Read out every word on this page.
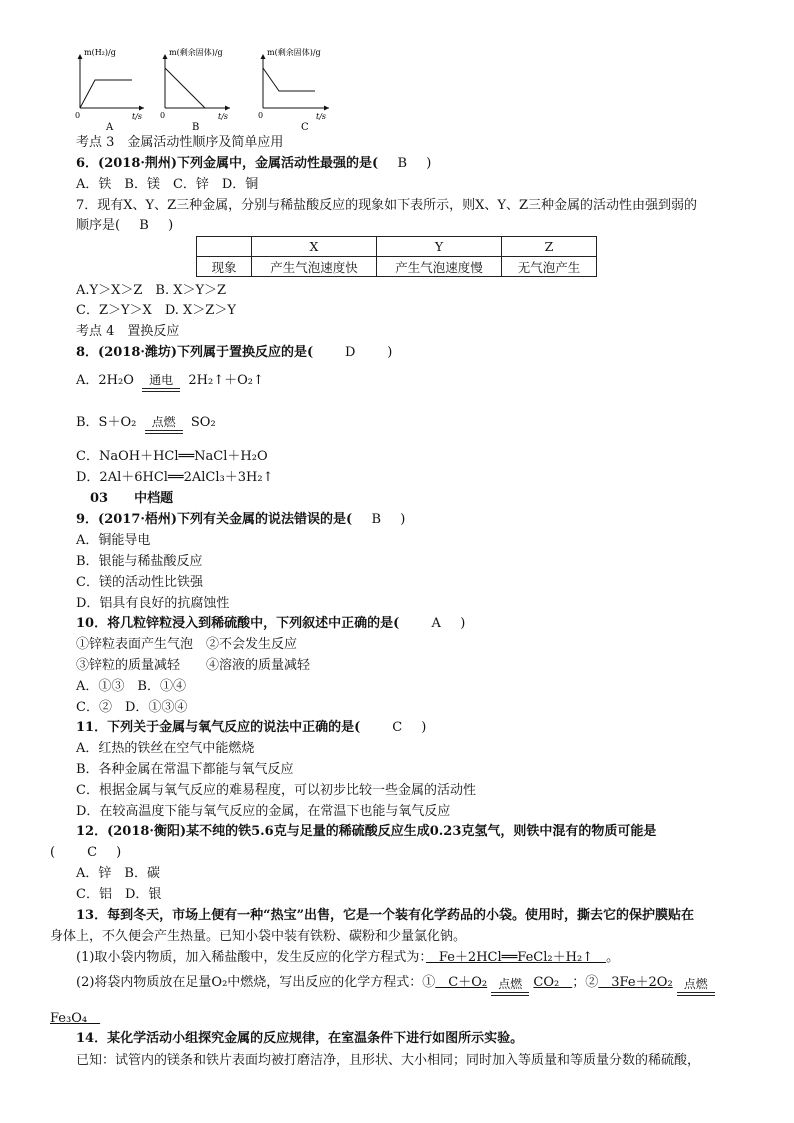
m(H₂)/g
t/s
0
A
m(剩余固体)/g
t/s
0
B
m(剩余固体)/g
t/s
0
C
考点 3　金属活动性顺序及简单应用
6．(2018·荆州)下列金属中，金属活动性最强的是(　B　)
A．铁　B．镁　C．锌　D．铜
7．现有X、Y、Z三种金属，分别与稀盐酸反应的现象如下表所示，则X、Y、Z三种金属的活动性由强到弱的
顺序是(　B　)
	X	Y	Z
现象	产生气泡速度快	产生气泡速度慢	无气泡产生
A.Y＞X＞Z　B. X＞Y＞Z
C．Z＞Y＞X　D. X＞Z＞Y
考点 4　置换反应
8．(2018·潍坊)下列属于置换反应的是(　　D　　)
A．2H₂O	通电	2H₂↑＋O₂↑
B．S＋O₂	点燃	SO₂
C．NaOH＋HCl══NaCl＋H₂O
D．2Al＋6HCl══2AlCl₃＋3H₂↑
03　　中档题
9．(2017·梧州)下列有关金属的说法错误的是(　B　)
A．铜能导电
B．银能与稀盐酸反应
C．镁的活动性比铁强
D．铝具有良好的抗腐蚀性
10．将几粒锌粒浸入到稀硫酸中，下列叙述中正确的是(　　A　)
①锌粒表面产生气泡　②不会发生反应
③锌粒的质量减轻　　④溶液的质量减轻
A．①③　B．①④
C．②　D．①③④
11．下列关于金属与氧气反应的说法中正确的是(　　C　)
A．红热的铁丝在空气中能燃烧
B．各种金属在常温下都能与氧气反应
C．根据金属与氧气反应的难易程度，可以初步比较一些金属的活动性
D．在较高温度下能与氧气反应的金属，在常温下也能与氧气反应
12．(2018·衡阳)某不纯的铁5.6克与足量的稀硫酸反应生成0.23克氢气，则铁中混有的物质可能是
(　　C　)
A．锌　B．碳
C．铝　D．银
13．每到冬天，市场上便有一种“热宝”出售，它是一个装有化学药品的小袋。使用时，撕去它的保护膜贴在
身体上，不久便会产生热量。已知小袋中装有铁粉、碳粉和少量氯化钠。
(1)取小袋内物质，加入稀盐酸中，发生反应的化学方程式为：　Fe＋2HCl══FeCl₂＋H₂↑　。
(2)将袋内物质放在足量O₂中燃烧，写出反应的化学方程式：①　C＋O₂ 点燃 CO₂　；②　3Fe＋2O₂ 点燃
Fe₃O₄　
14．某化学活动小组探究金属的反应规律，在室温条件下进行如图所示实验。
已知：试管内的镁条和铁片表面均被打磨洁净，且形状、大小相同；同时加入等质量和等质量分数的稀硫酸，
